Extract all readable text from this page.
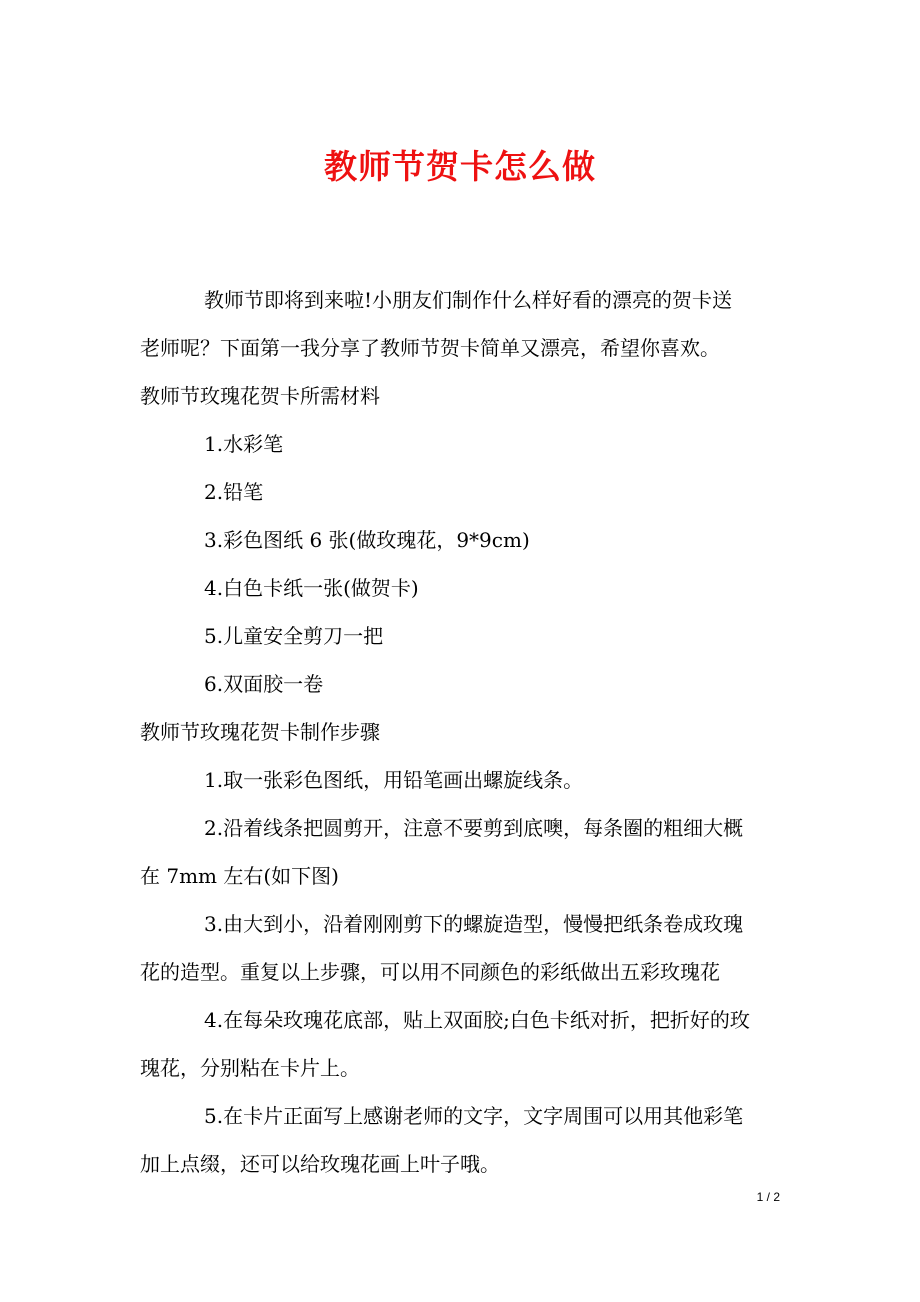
教师节贺卡怎么做

教师节即将到来啦!小朋友们制作什么样好看的漂亮的贺卡送

老师呢？下面第一我分享了教师节贺卡简单又漂亮，希望你喜欢。

教师节玫瑰花贺卡所需材料

1.水彩笔

2.铅笔

3.彩色图纸 6 张(做玫瑰花，9*9cm)

4.白色卡纸一张(做贺卡)

5.儿童安全剪刀一把

6.双面胶一卷

教师节玫瑰花贺卡制作步骤

1.取一张彩色图纸，用铅笔画出螺旋线条。

2.沿着线条把圆剪开，注意不要剪到底噢，每条圈的粗细大概

在 7mm 左右(如下图)

3.由大到小，沿着刚刚剪下的螺旋造型，慢慢把纸条卷成玫瑰

花的造型。重复以上步骤，可以用不同颜色的彩纸做出五彩玫瑰花

4.在每朵玫瑰花底部，贴上双面胶;白色卡纸对折，把折好的玫

瑰花，分别粘在卡片上。

5.在卡片正面写上感谢老师的文字，文字周围可以用其他彩笔

加上点缀，还可以给玫瑰花画上叶子哦。

1 / 2
